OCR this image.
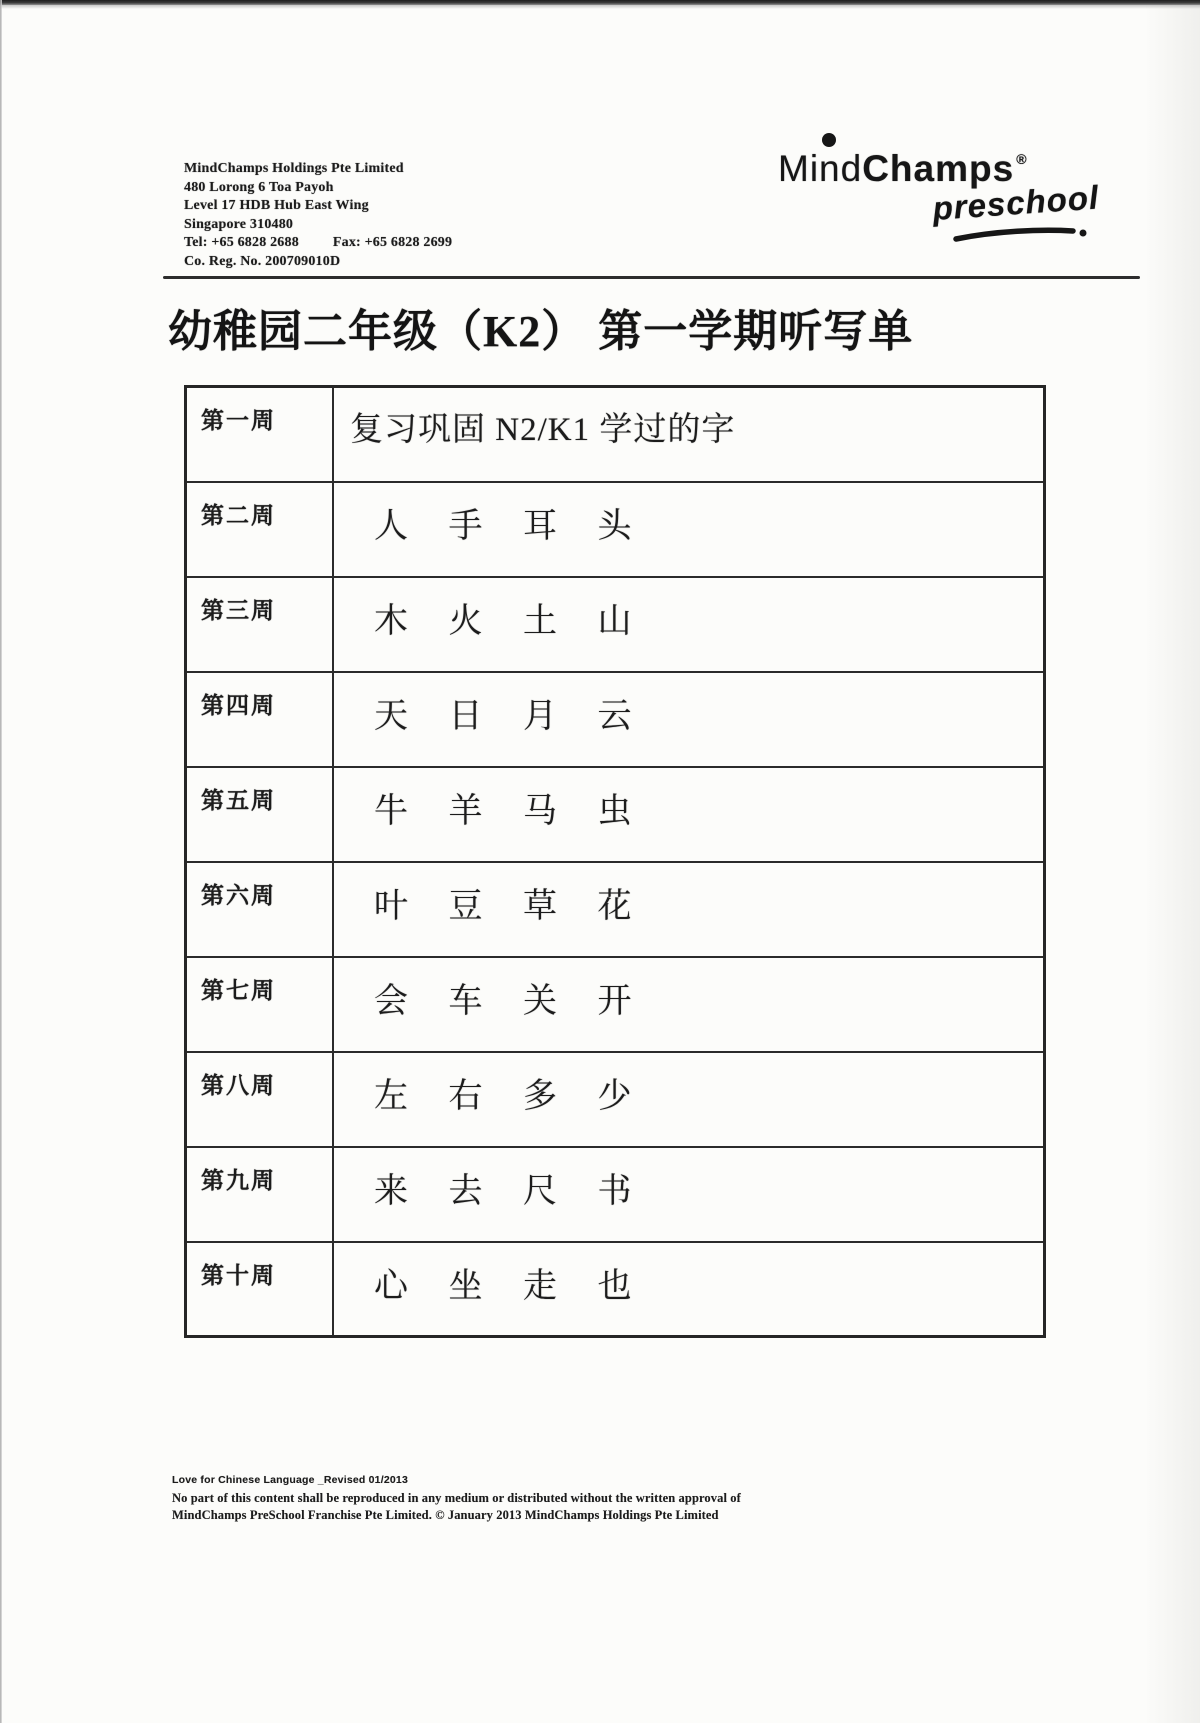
MindChamps Holdings Pte Limited
480 Lorong 6 Toa Payoh
Level 17 HDB Hub East Wing
Singapore 310480
Tel: +65 6828 2688 Fax: +65 6828 2699
Co. Reg. No. 200709010D
MindChamps ®
preschool
幼稚园二年级（K2） 第一学期听写单
第一周	复习巩固 N2/K1 学过的字
第二周	人 手 耳 头
第三周	木 火 土 山
第四周	天 日 月 云
第五周	牛 羊 马 虫
第六周	叶 豆 草 花
第七周	会 车 关 开
第八周	左 右 多 少
第九周	来 去 尺 书
第十周	心 坐 走 也
Love for Chinese Language _Revised 01/2013
No part of this content shall be reproduced in any medium or distributed without the written approval of
MindChamps PreSchool Franchise Pte Limited. © January 2013 MindChamps Holdings Pte Limited
